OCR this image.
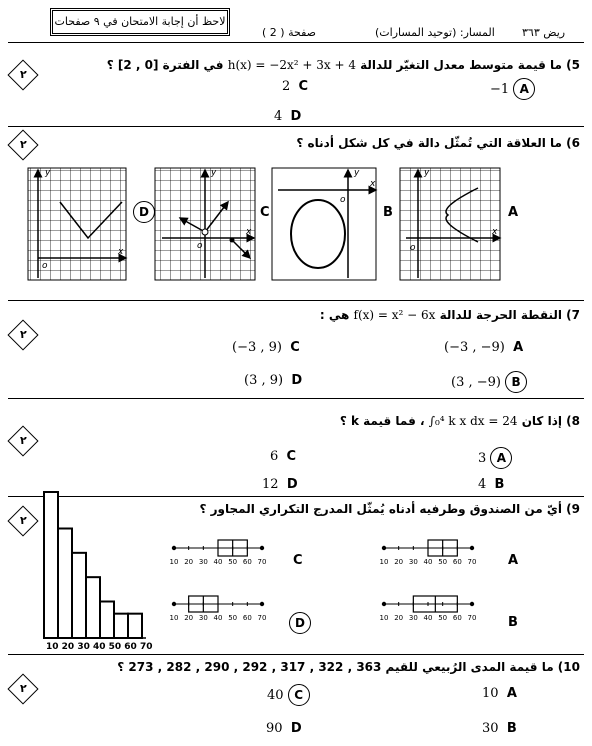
لاحظ أن إجابة الامتحان في ٩ صفحات
صفحة ( 2 )	المسار: (توحيد المسارات) ريض ٣٦٣
٢
5) ما قيمة متوسط معدل التغيّر للدالة h(x) = −2x² + 3x + 4 في الفترة [0 , 2] ؟
−1 A
2 C
4 D
٢	6) ما العلاقة التي تُمثّل دالة في كل شكل أدناه ؟
y
x
o
y
x
o
y
x
o
y
x
o
D	C	B	A
٢
7) النقطة الحرجة للدالة f(x) = x² − 6x هي :
(−3 , −9) A
(−3 , 9) C
(3 , −9) B
(3 , 9) D
٢
8) إذا كان ∫₀⁴ k x dx = 24 ، فما قيمة k ؟
3 A
6 C
4 B
12 D
٢
9) أيّ من الصندوق وطرفيه أدناه يُمثّل المدرج التكراري المجاور ؟
10 20 30 40 50 60 70
10 20 30 40 50 60 70	10 20 30 40 50 60 70
10 20 30 40 50 60 70	10 20 30 40 50 60 70
C	A
D	B
٢
10) ما قيمة المدى الرُبيعي للقيم 363 , 322 , 317 , 292 , 290 , 282 , 273 ؟
10 A
40 C
30 B
90 D
